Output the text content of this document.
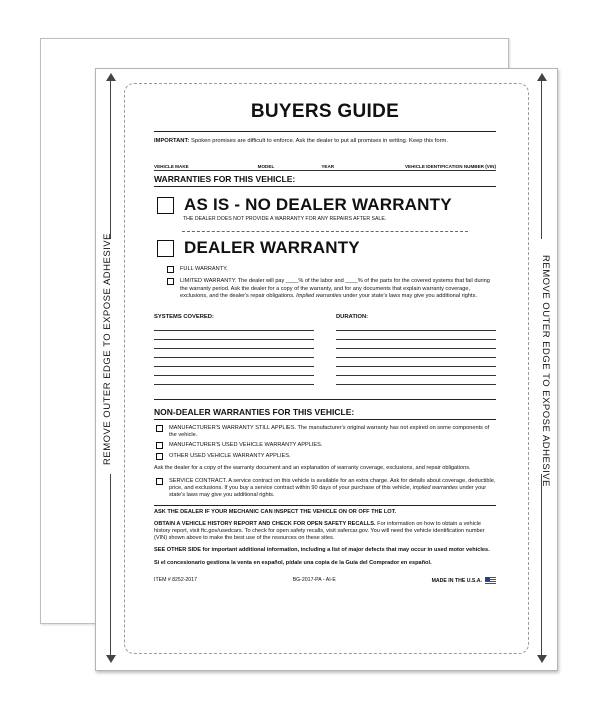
REMOVE OUTER EDGE TO EXPOSE ADHESIVE	REMOVE OUTER EDGE TO EXPOSE ADHESIVE
BUYERS GUIDE
IMPORTANT: Spoken promises are difficult to enforce. Ask the dealer to put all promises in writing. Keep this form.
VEHICLE MAKE	MODEL	YEAR	VEHICLE IDENTIFICATION NUMBER (VIN)
WARRANTIES FOR THIS VEHICLE:
AS IS - NO DEALER WARRANTY
THE DEALER DOES NOT PROVIDE A WARRANTY FOR ANY REPAIRS AFTER SALE.
DEALER WARRANTY
FULL WARRANTY.
LIMITED WARRANTY. The dealer will pay ____% of the labor and ____% of the parts for the covered systems that fail during the warranty period. Ask the dealer for a copy of the warranty, and for any documents that explain warranty coverage, exclusions, and the dealer's repair obligations. Implied warranties under your state's laws may give you additional rights.
SYSTEMS COVERED:	DURATION:
NON-DEALER WARRANTIES FOR THIS VEHICLE:
MANUFACTURER'S WARRANTY STILL APPLIES. The manufacturer's original warranty has not expired on some components of the vehicle.
MANUFACTURER'S USED VEHICLE WARRANTY APPLIES.
OTHER USED VEHICLE WARRANTY APPLIES.
Ask the dealer for a copy of the warranty document and an explanation of warranty coverage, exclusions, and repair obligations.
SERVICE CONTRACT. A service contract on this vehicle is available for an extra charge. Ask for details about coverage, deductible, price, and exclusions. If you buy a service contract within 90 days of your purchase of this vehicle, implied warranties under your state's laws may give you additional rights.
ASK THE DEALER IF YOUR MECHANIC CAN INSPECT THE VEHICLE ON OR OFF THE LOT.
OBTAIN A VEHICLE HISTORY REPORT AND CHECK FOR OPEN SAFETY RECALLS. For information on how to obtain a vehicle history report, visit ftc.gov/usedcars. To check for open safety recalls, visit safercar.gov. You will need the vehicle identification number (VIN) shown above to make the best use of the resources on these sites.
SEE OTHER SIDE for important additional information, including a list of major defects that may occur in used motor vehicles.
Si el concesionario gestiona la venta en español, pídale una copia de la Guía del Comprador en español.
ITEM # 8252-2017	BG-2017-PA - AI-E	MADE IN THE U.S.A.
